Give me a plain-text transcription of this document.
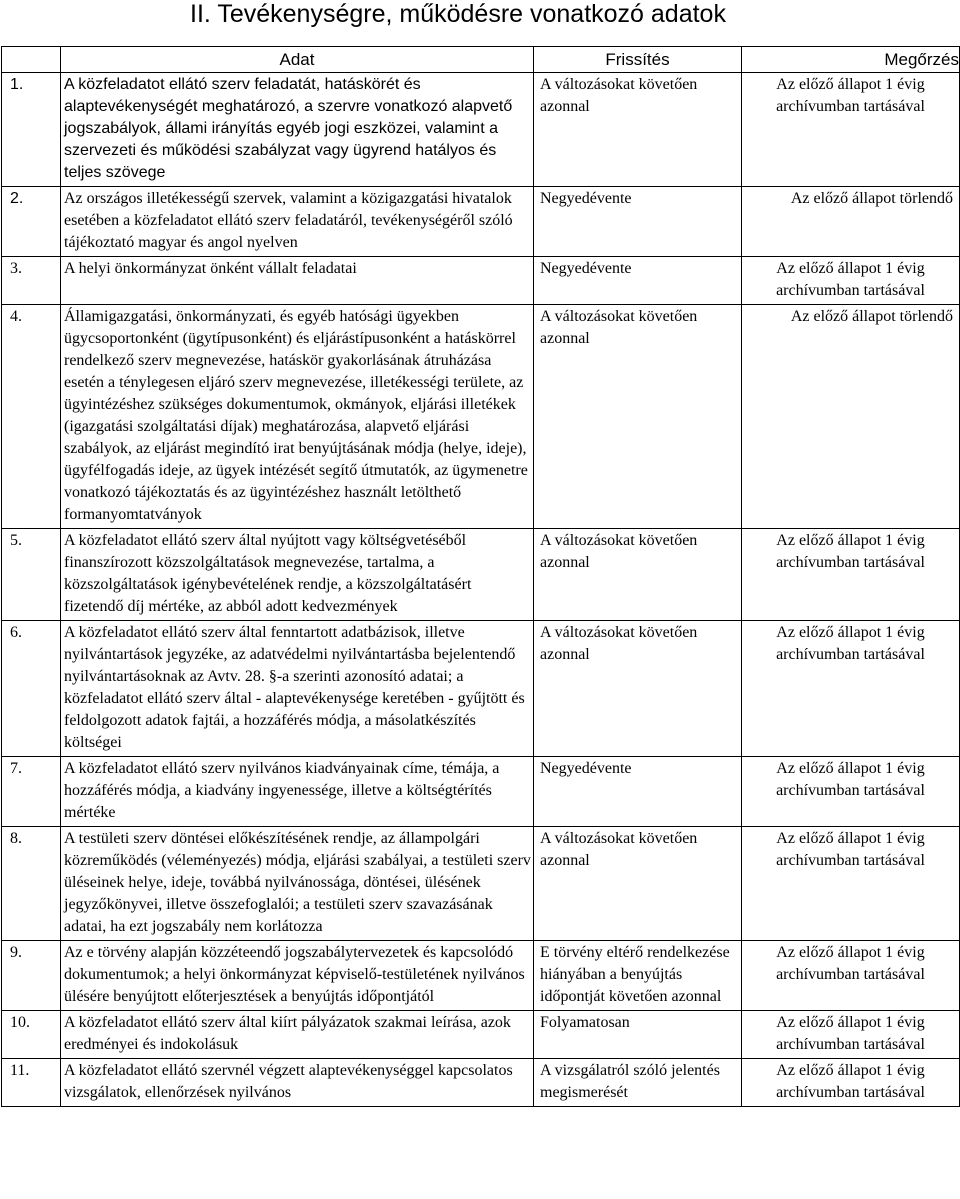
II. Tevékenységre, működésre vonatkozó adatok
	Adat	Frissítés	Megőrzés
1.	A közfeladatot ellátó szerv feladatát, hatáskörét és alaptevékenységét meghatározó, a szervre vonatkozó alapvető jogszabályok, állami irányítás egyéb jogi eszközei, valamint a szervezeti és működési szabályzat vagy ügyrend hatályos és teljes szövege	A változásokat követően azonnal	Az előző állapot 1 évig archívumban tartásával
2.	Az országos illetékességű szervek, valamint a közigazgatási hivatalok esetében a közfeladatot ellátó szerv feladatáról, tevékenységéről szóló tájékoztató magyar és angol nyelven	Negyedévente	Az előző állapot törlendő
3.	A helyi önkormányzat önként vállalt feladatai	Negyedévente	Az előző állapot 1 évig archívumban tartásával
4.	Államigazgatási, önkormányzati, és egyéb hatósági ügyekben ügycsoportonként (ügytípusonként) és eljárástípusonként a hatáskörrel rendelkező szerv megnevezése, hatáskör gyakorlásának átruházása esetén a ténylegesen eljáró szerv megnevezése, illetékességi területe, az ügyintézéshez szükséges dokumentumok, okmányok, eljárási illetékek (igazgatási szolgáltatási díjak) meghatározása, alapvető eljárási szabályok, az eljárást megindító irat benyújtásának módja (helye, ideje), ügyfélfogadás ideje, az ügyek intézését segítő útmutatók, az ügymenetre vonatkozó tájékoztatás és az ügyintézéshez használt letölthető formanyomtatványok	A változásokat követően azonnal	Az előző állapot törlendő
5.	A közfeladatot ellátó szerv által nyújtott vagy költségvetéséből finanszírozott közszolgáltatások megnevezése, tartalma, a közszolgáltatások igénybevételének rendje, a közszolgáltatásért fizetendő díj mértéke, az abból adott kedvezmények	A változásokat követően azonnal	Az előző állapot 1 évig archívumban tartásával
6.	A közfeladatot ellátó szerv által fenntartott adatbázisok, illetve nyilvántartások jegyzéke, az adatvédelmi nyilvántartásba bejelentendő nyilvántartásoknak az Avtv. 28. §-a szerinti azonosító adatai; a közfeladatot ellátó szerv által - alaptevékenysége keretében - gyűjtött és feldolgozott adatok fajtái, a hozzáférés módja, a másolatkészítés költségei	A változásokat követően azonnal	Az előző állapot 1 évig archívumban tartásával
7.	A közfeladatot ellátó szerv nyilvános kiadványainak címe, témája, a hozzáférés módja, a kiadvány ingyenessége, illetve a költségtérítés mértéke	Negyedévente	Az előző állapot 1 évig archívumban tartásával
8.	A testületi szerv döntései előkészítésének rendje, az állampolgári közreműködés (véleményezés) módja, eljárási szabályai, a testületi szerv üléseinek helye, ideje, továbbá nyilvánossága, döntései, ülésének jegyzőkönyvei, illetve összefoglalói; a testületi szerv szavazásának adatai, ha ezt jogszabály nem korlátozza	A változásokat követően azonnal	Az előző állapot 1 évig archívumban tartásával
9.	Az e törvény alapján közzéteendő jogszabálytervezetek és kapcsolódó dokumentumok; a helyi önkormányzat képviselő-testületének nyilvános ülésére benyújtott előterjesztések a benyújtás időpontjától	E törvény eltérő rendelkezése hiányában a benyújtás időpontját követően azonnal	Az előző állapot 1 évig archívumban tartásával
10.	A közfeladatot ellátó szerv által kiírt pályázatok szakmai leírása, azok eredményei és indokolásuk	Folyamatosan	Az előző állapot 1 évig archívumban tartásával
11.	A közfeladatot ellátó szervnél végzett alaptevékenységgel kapcsolatos vizsgálatok, ellenőrzések nyilvános	A vizsgálatról szóló jelentés megismerését	Az előző állapot 1 évig archívumban tartásával
